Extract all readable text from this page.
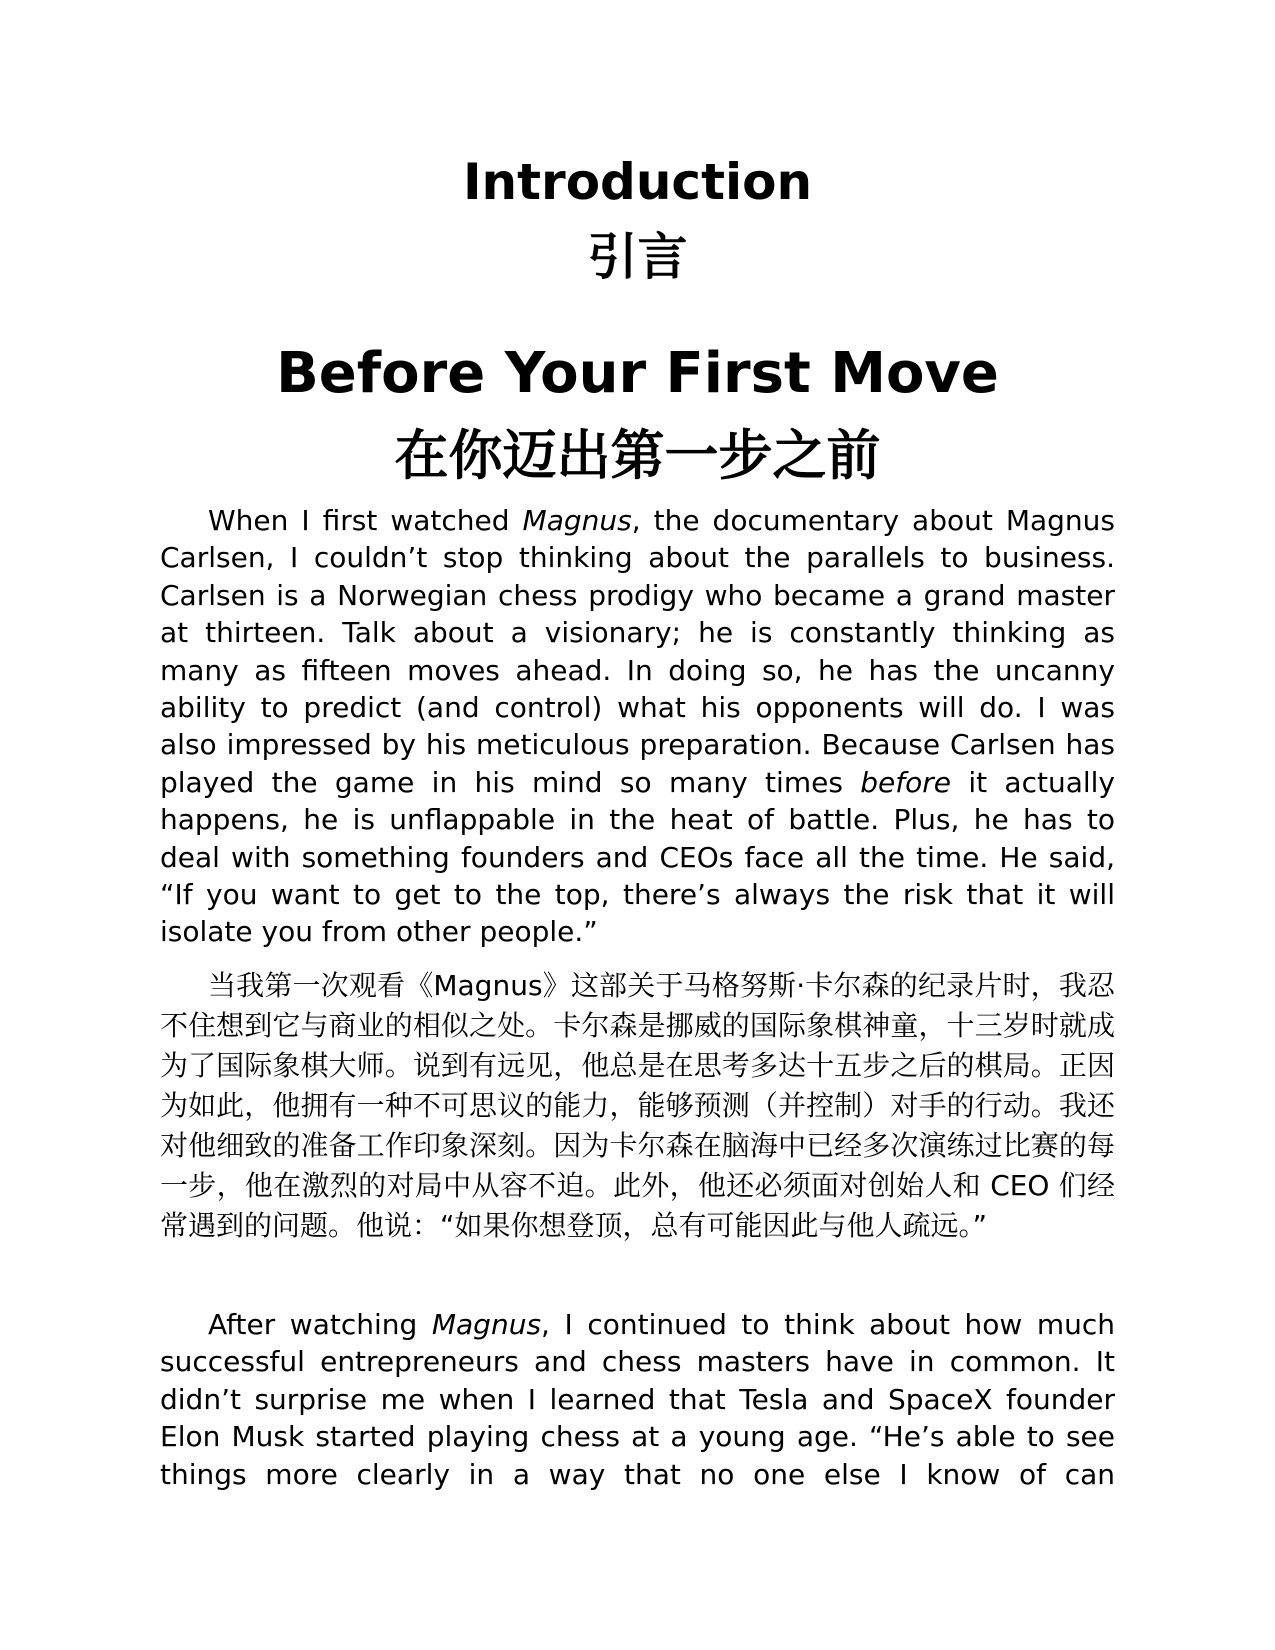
Introduction
引言
Before Your First Move
在你迈出第一步之前

When I first watched Magnus, the documentary about Magnus Carlsen, I couldn’t stop thinking about the parallels to business. Carlsen is a Norwegian chess prodigy who became a grand master at thirteen. Talk about a visionary; he is constantly thinking as many as fifteen moves ahead. In doing so, he has the uncanny ability to predict (and control) what his opponents will do. I was also impressed by his meticulous preparation. Because Carlsen has played the game in his mind so many times before it actually happens, he is unflappable in the heat of battle. Plus, he has to deal with something founders and CEOs face all the time. He said, “If you want to get to the top, there’s always the risk that it will isolate you from other people.”

当我第一次观看《Magnus》这部关于马格努斯·卡尔森的纪录片时，我忍不住想到它与商业的相似之处。卡尔森是挪威的国际象棋神童，十三岁时就成为了国际象棋大师。说到有远见，他总是在思考多达十五步之后的棋局。正因为如此，他拥有一种不可思议的能力，能够预测（并控制）对手的行动。我还对他细致的准备工作印象深刻。因为卡尔森在脑海中已经多次演练过比赛的每一步，他在激烈的对局中从容不迫。此外，他还必须面对创始人和 CEO 们经常遇到的问题。他说：“如果你想登顶，总有可能因此与他人疏远。”

After watching Magnus, I continued to think about how much successful entrepreneurs and chess masters have in common. It didn’t surprise me when I learned that Tesla and SpaceX founder Elon Musk started playing chess at a young age. “He’s able to see things more clearly in a way that no one else I know of can
